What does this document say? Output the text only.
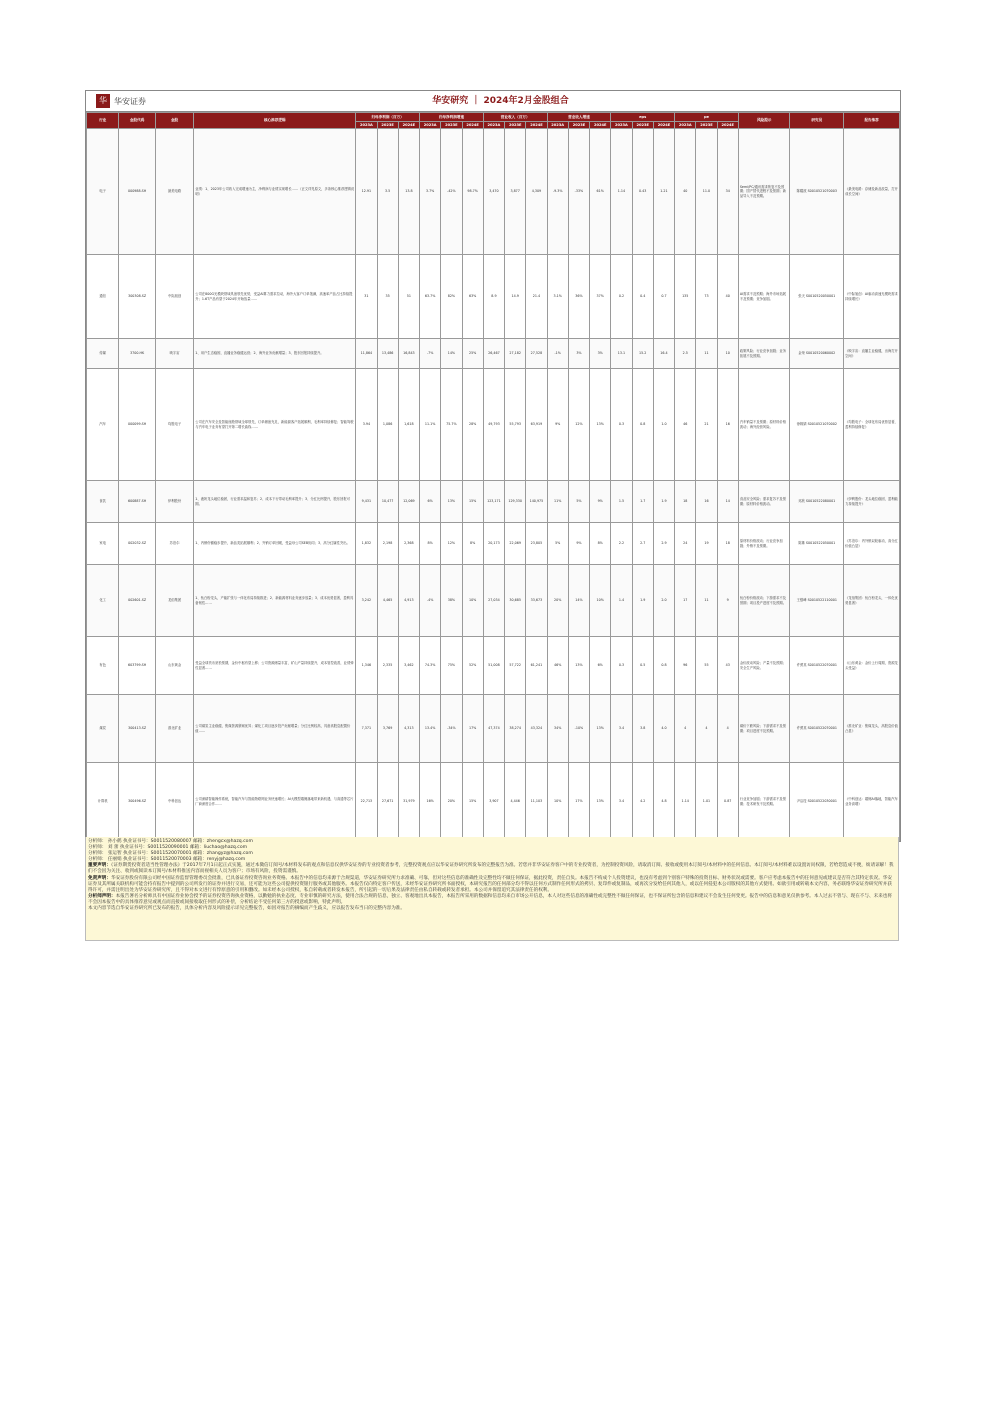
华 华安证券	华安研究 ｜ 2024年2月金股组合
行业	金股代码	金股	核心推荐逻辑	归母净利润（百万）			归母净利润增速			营业收入（百万）			营业收入增速			eps			pe			风险提示	研究员	报告推荐
				2023A	2023E	2024E	2023A	2023E	2024E	2023A	2023E	2024E	2023A	2023E	2024E	2023A	2023E	2024E	2023A	2023E	2024E			
电子	000988.SH	最美电路	业绩：1、2023年公司收入完成增速为主，净利润与业绩实现增长……（正文详见原文，多条核心推荐逻辑说明）	12.91	3.5	13.8	3.7%	-42%	98.7%	3,470	3,877	4,309	-9.3%	-33%	61%	1.14	0.43	1.21	40	11.0	34	Semi/PC/通讯需求恢复不及预期；国产替代进程不及预期；新品导入不及预期。	陈耀波 S0010521070003	《最美电路：存储及新品放量，打开成长空间》
通信	300308.SZ	中际旭创	公司在800G光模块领域具备领先优势，受益AI算力需求拉动，海外大客户订单饱满，高速率产品占比持续提升；1.6T产品有望于2024年开始放量……	31	35	51	63.7%	82%	63%	8.9	14.9	21.4	3.1%	36%	37%	0.2	0.4	0.7	135	73	40	AI需求不及预期；海外市场拓展不及预期；竞争加剧。	张天 S0010520050001	《中际旭创：AI驱动高速光模块需求持续增长》
传媒	3700.HK	映宇宙	1、用户生态稳固，直播业务稳健运营；2、海外业务贡献增量；3、股东回报持续提升。	11,864	13,486	16,843	-7%	14%	25%	26,467	27,182	27,528	-1%	3%	3%	13.1	15.2	16.4	2.5	11	10	政策风险；行业竞争加剧；业务拓展不及预期。	金荣 S0010520060002	《映宇宙：直播主业稳健，出海打开空间》
汽车	000099.SH	均胜电子	公司在汽车安全及智能座舱领域全球领先，订单储备充足，新能源客户拓展顺利，毛利率持续修复；智能驾驶与汽车电子业务有望打开第二增长曲线……	3.94	1,086	1,618	11.1%	75.7%	28%	49,793	55,793	63,919	9%	12%	13%	0.3	0.8	1.0	46	21	16	汽车销量不及预期；原材料价格波动；海外经营风险。	徐姝婧 S0010521070002	《均胜电子：全球化布局优势显著，盈利持续修复》
食饮	600887.SH	伊利股份	1、液奶龙头地位稳固，行业需求温和复苏；2、成本下行带动毛利率提升；3、分红比例提升，股东回报可期。	9,431	10,477	12,069	6%	13%	15%	123,171	129,330	140,975	11%	5%	9%	1.5	1.7	1.9	18	16	14	食品安全风险；需求复苏不及预期；原材料价格波动。	邓欣 S0010522080001	《伊利股份：龙头地位稳固，盈利能力持续提升》
家电	002032.SZ	苏泊尔	1、内销份额稳步提升，新品类拓展顺利；2、外销订单回暖，受益母公司SEB协同；3、高分红属性突出。	1,832	2,198	2,368	8%	12%	8%	20,173	22,069	23,805	5%	9%	8%	2.2	2.7	2.9	24	19	18	原材料价格波动；行业竞争加剧；外销不及预期。	陈姝 S0010522050001	《苏泊尔：内外销双轮驱动，高分红价值凸显》
化工	002601.SZ	龙佰集团	1、钛白粉龙头，产能扩张与一体化布局持续推进；2、新能源材料业务逐步放量；3、成本优势显著，盈利具备韧性……	3,242	4,465	4,913	-4%	38%	10%	27,034	30,685	33,673	20%	14%	10%	1.4	1.9	2.0	17	11	9	钛白粉价格波动；下游需求不及预期；项目投产进度不及预期。	王强峰 S0010522110001	《龙佰集团：钛白粉龙头，一体化优势显著》
有色	603799.SH	山东黄金	受益全球货币宽松预期，金价中枢有望上移；公司资源储量丰富，矿山产量持续提升，成本管控改善，业绩弹性显著……	1,346	2,335	3,462	74.3%	75%	52%	51,008	57,722	61,241	46%	13%	6%	0.3	0.5	0.8	96	55	43	金价波动风险；产量不及预期；安全生产风险。	许勇其 S0010522070001	《山东黄金：金价上行周期，资源龙头受益》
煤炭	300413.SZ	淮北矿业	公司煤炭主业稳健，焦煤资源禀赋优异；煤化工项目逐步投产贡献增量；分红比例较高，具备高股息配置价值……	7,371	3,769	4,313	13.4%	-34%	17%	47,374	38,274	43,324	34%	-10%	13%	3.4	3.8	4.0	4	4	4	煤价下跌风险；下游需求不及预期；项目进度不及预期。	许勇其 S0010522070001	《淮北矿业：焦煤龙头，高股息价值凸显》
计算机	300496.SZ	中科创达	公司深耕智能操作系统，智能汽车与智能物联网业务快速增长；AI大模型端侧落地带来新机遇，与高通等芯片厂商深度合作……	22,713	27,671	31,979	16%	20%	15%	3,907	4,446	11,103	10%	17%	13%	3.4	4.2	4.8	1.14	1.01	0.87	行业竞争加剧；下游需求不及预期；技术研发不及预期。	尹沿技 S0010522030001	《中科创达：端侧AI落地，智能汽车业务高增》
分析师： 孙小鹤 执业证书号：S0011520080007 邮箱：zhengcx@hazq.com
分析师： 刘 蕾 执业证书号：S0011520090001 邮箱：liuchao@hazq.com
分析师： 张运智 执业证书号：S0011520070001 邮箱：zhangyz@hazq.com
分析师： 任丽娟 执业证书号：S0011520070003 邮箱：renyj@hazq.com

重要声明：《证券期货投资者适当性管理办法》于2017年7月1日起正式实施，通过本微信订阅号/本材料发布的观点和信息仅供华安证券的专业投资者参考，完整投资观点应以华安证券研究所发布的完整报告为准。若您并非华安证券客户中的专业投资者，为控制投资风险，请取消订阅、接收或使用本订阅号/本材料中的任何信息。本订阅号/本材料难以设置访问权限，若给您造成不便，烦请谅解！我们不会因为关注、收到或阅读本订阅号/本材料推送内容而视相关人员为客户；市场有风险，投资需谨慎。

免责声明：华安证券股份有限公司经中国证券监督管理委员会批准，已具备证券投资咨询业务资格。本报告中的信息均来源于合规渠道，华安证券研究所力求准确、可靠，但对这些信息的准确性及完整性均不做任何保证，据此投资，责任自负。本报告不构成个人投资建议，也没有考虑到个别客户特殊的投资目标、财务状况或需要。客户应考虑本报告中的任何意见或建议是否符合其特定状况。华安证券及其所属关联机构可能会持有报告中提到的公司所发行的证券并进行交易，还可能为这些公司提供投资银行服务或其他服务。本报告仅向特定客户传送，未经华安证券研究所书面授权，本研究报告的任何部分均不得以任何方式制作任何形式的拷贝、复印件或复制品，或再次分发给任何其他人，或以任何侵犯本公司版权的其他方式使用。如欲引用或转载本文内容，务必联络华安证券研究所并获得许可，并需注明出处为华安证券研究所，且不得对本文进行有悖原意的引用和删改。如未经本公司授权，私自转载或者转发本报告，所引起的一切后果及法律责任由私自转载或转发者承担。本公司并保留追究其法律责任的权利。

分析师声明：本报告署名分析师具有中国证券业协会授予的证券投资咨询执业资格，以勤勉的执业态度、专业审慎的研究方法，使用合法合规的信息，独立、客观地出具本报告，本报告所采用的数据和信息均来自市场公开信息，本人对这些信息的准确性或完整性不做任何保证，也不保证所包含的信息和建议不会发生任何变更。报告中的信息和意见仅供参考。本人过去不曾与、现在不与、未来也将不会因本报告中的具体推荐意见或观点而直接或间接收取任何形式的补偿，分析结论不受任何第三方的授意或影响，特此声明。

本文内容节选自华安证券研究所已发布的报告，具体分析内容及风险提示详见完整报告，如因对报告的摘编而产生歧义，应以报告发布当日的完整内容为准。
